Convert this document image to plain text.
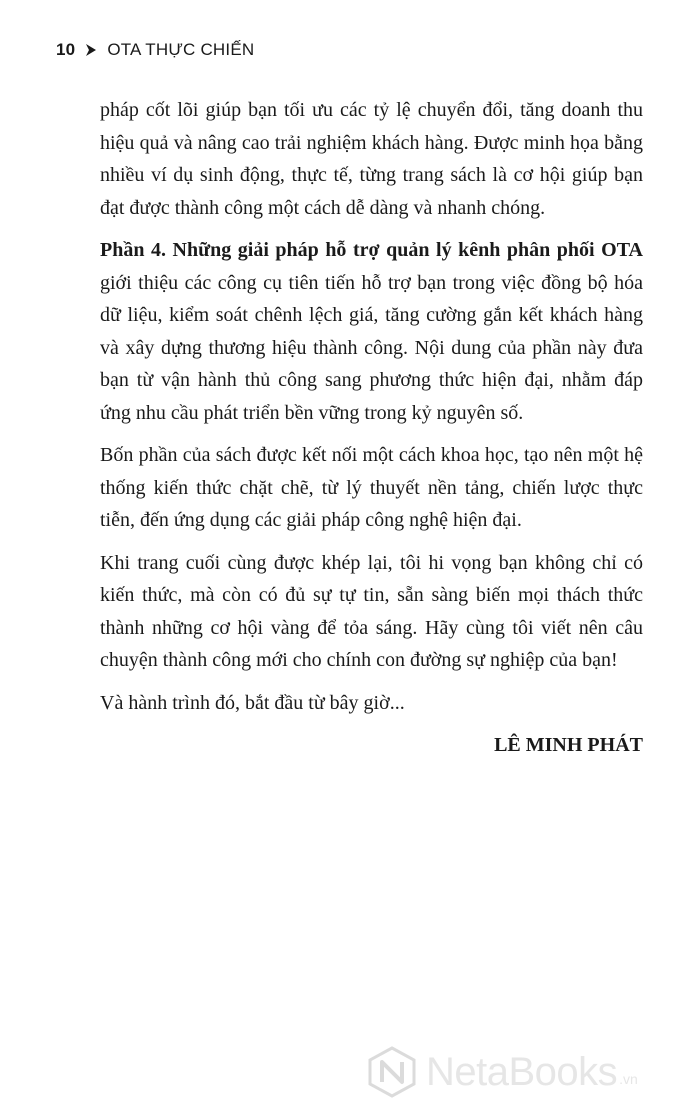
10 OTA THỰC CHIẾN

pháp cốt lõi giúp bạn tối ưu các tỷ lệ chuyển đổi, tăng doanh thu hiệu quả và nâng cao trải nghiệm khách hàng. Được minh họa bằng nhiều ví dụ sinh động, thực tế, từng trang sách là cơ hội giúp bạn đạt được thành công một cách dễ dàng và nhanh chóng.

Phần 4. Những giải pháp hỗ trợ quản lý kênh phân phối OTA giới thiệu các công cụ tiên tiến hỗ trợ bạn trong việc đồng bộ hóa dữ liệu, kiểm soát chênh lệch giá, tăng cường gắn kết khách hàng và xây dựng thương hiệu thành công. Nội dung của phần này đưa bạn từ vận hành thủ công sang phương thức hiện đại, nhằm đáp ứng nhu cầu phát triển bền vững trong kỷ nguyên số.

Bốn phần của sách được kết nối một cách khoa học, tạo nên một hệ thống kiến thức chặt chẽ, từ lý thuyết nền tảng, chiến lược thực tiễn, đến ứng dụng các giải pháp công nghệ hiện đại.

Khi trang cuối cùng được khép lại, tôi hi vọng bạn không chỉ có kiến thức, mà còn có đủ sự tự tin, sẵn sàng biến mọi thách thức thành những cơ hội vàng để tỏa sáng. Hãy cùng tôi viết nên câu chuyện thành công mới cho chính con đường sự nghiệp của bạn!

Và hành trình đó, bắt đầu từ bây giờ...

LÊ MINH PHÁT
NetaBooks .vn
